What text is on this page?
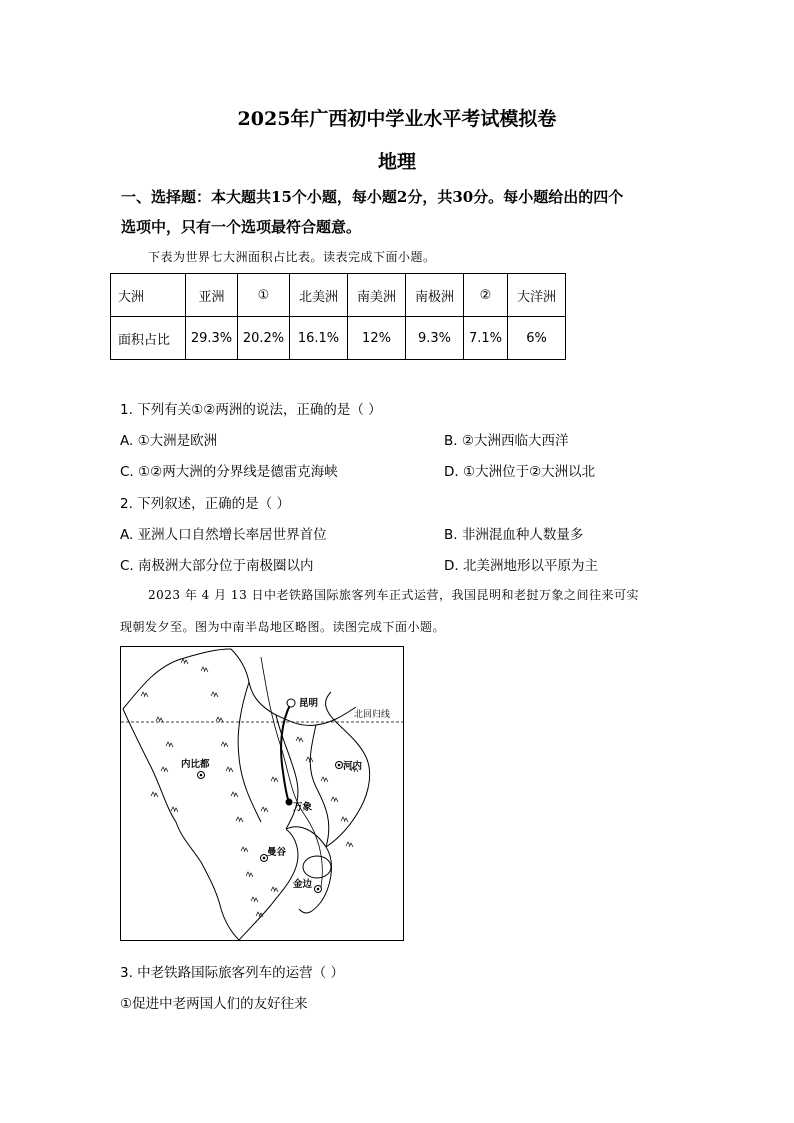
2025年广西初中学业水平考试模拟卷
地理
一、选择题：本大题共15个小题，每小题2分，共30分。每小题给出的四个
选项中，只有一个选项最符合题意。
下表为世界七大洲面积占比表。读表完成下面小题。
大洲	亚洲	①	北美洲	南美洲	南极洲	②	大洋洲
面积占比	29.3%	20.2%	16.1%	12%	9.3%	7.1%	6%
1. 下列有关①②两洲的说法，正确的是（ ）
A. ①大洲是欧洲	B. ②大洲西临大西洋
C. ①②两大洲的分界线是德雷克海峡	D. ①大洲位于②大洲以北
2. 下列叙述，正确的是（ ）
A. 亚洲人口自然增长率居世界首位	B. 非洲混血种人数量多
C. 南极洲大部分位于南极圈以内	D. 北美洲地形以平原为主
2023 年 4 月 13 日中老铁路国际旅客列车正式运营，我国昆明和老挝万象之间往来可实
现朝发夕至。图为中南半岛地区略图。读图完成下面小题。
北回归线
昆明
内比都	河内
万象
曼谷
金边
3. 中老铁路国际旅客列车的运营（ ）
①促进中老两国人们的友好往来
